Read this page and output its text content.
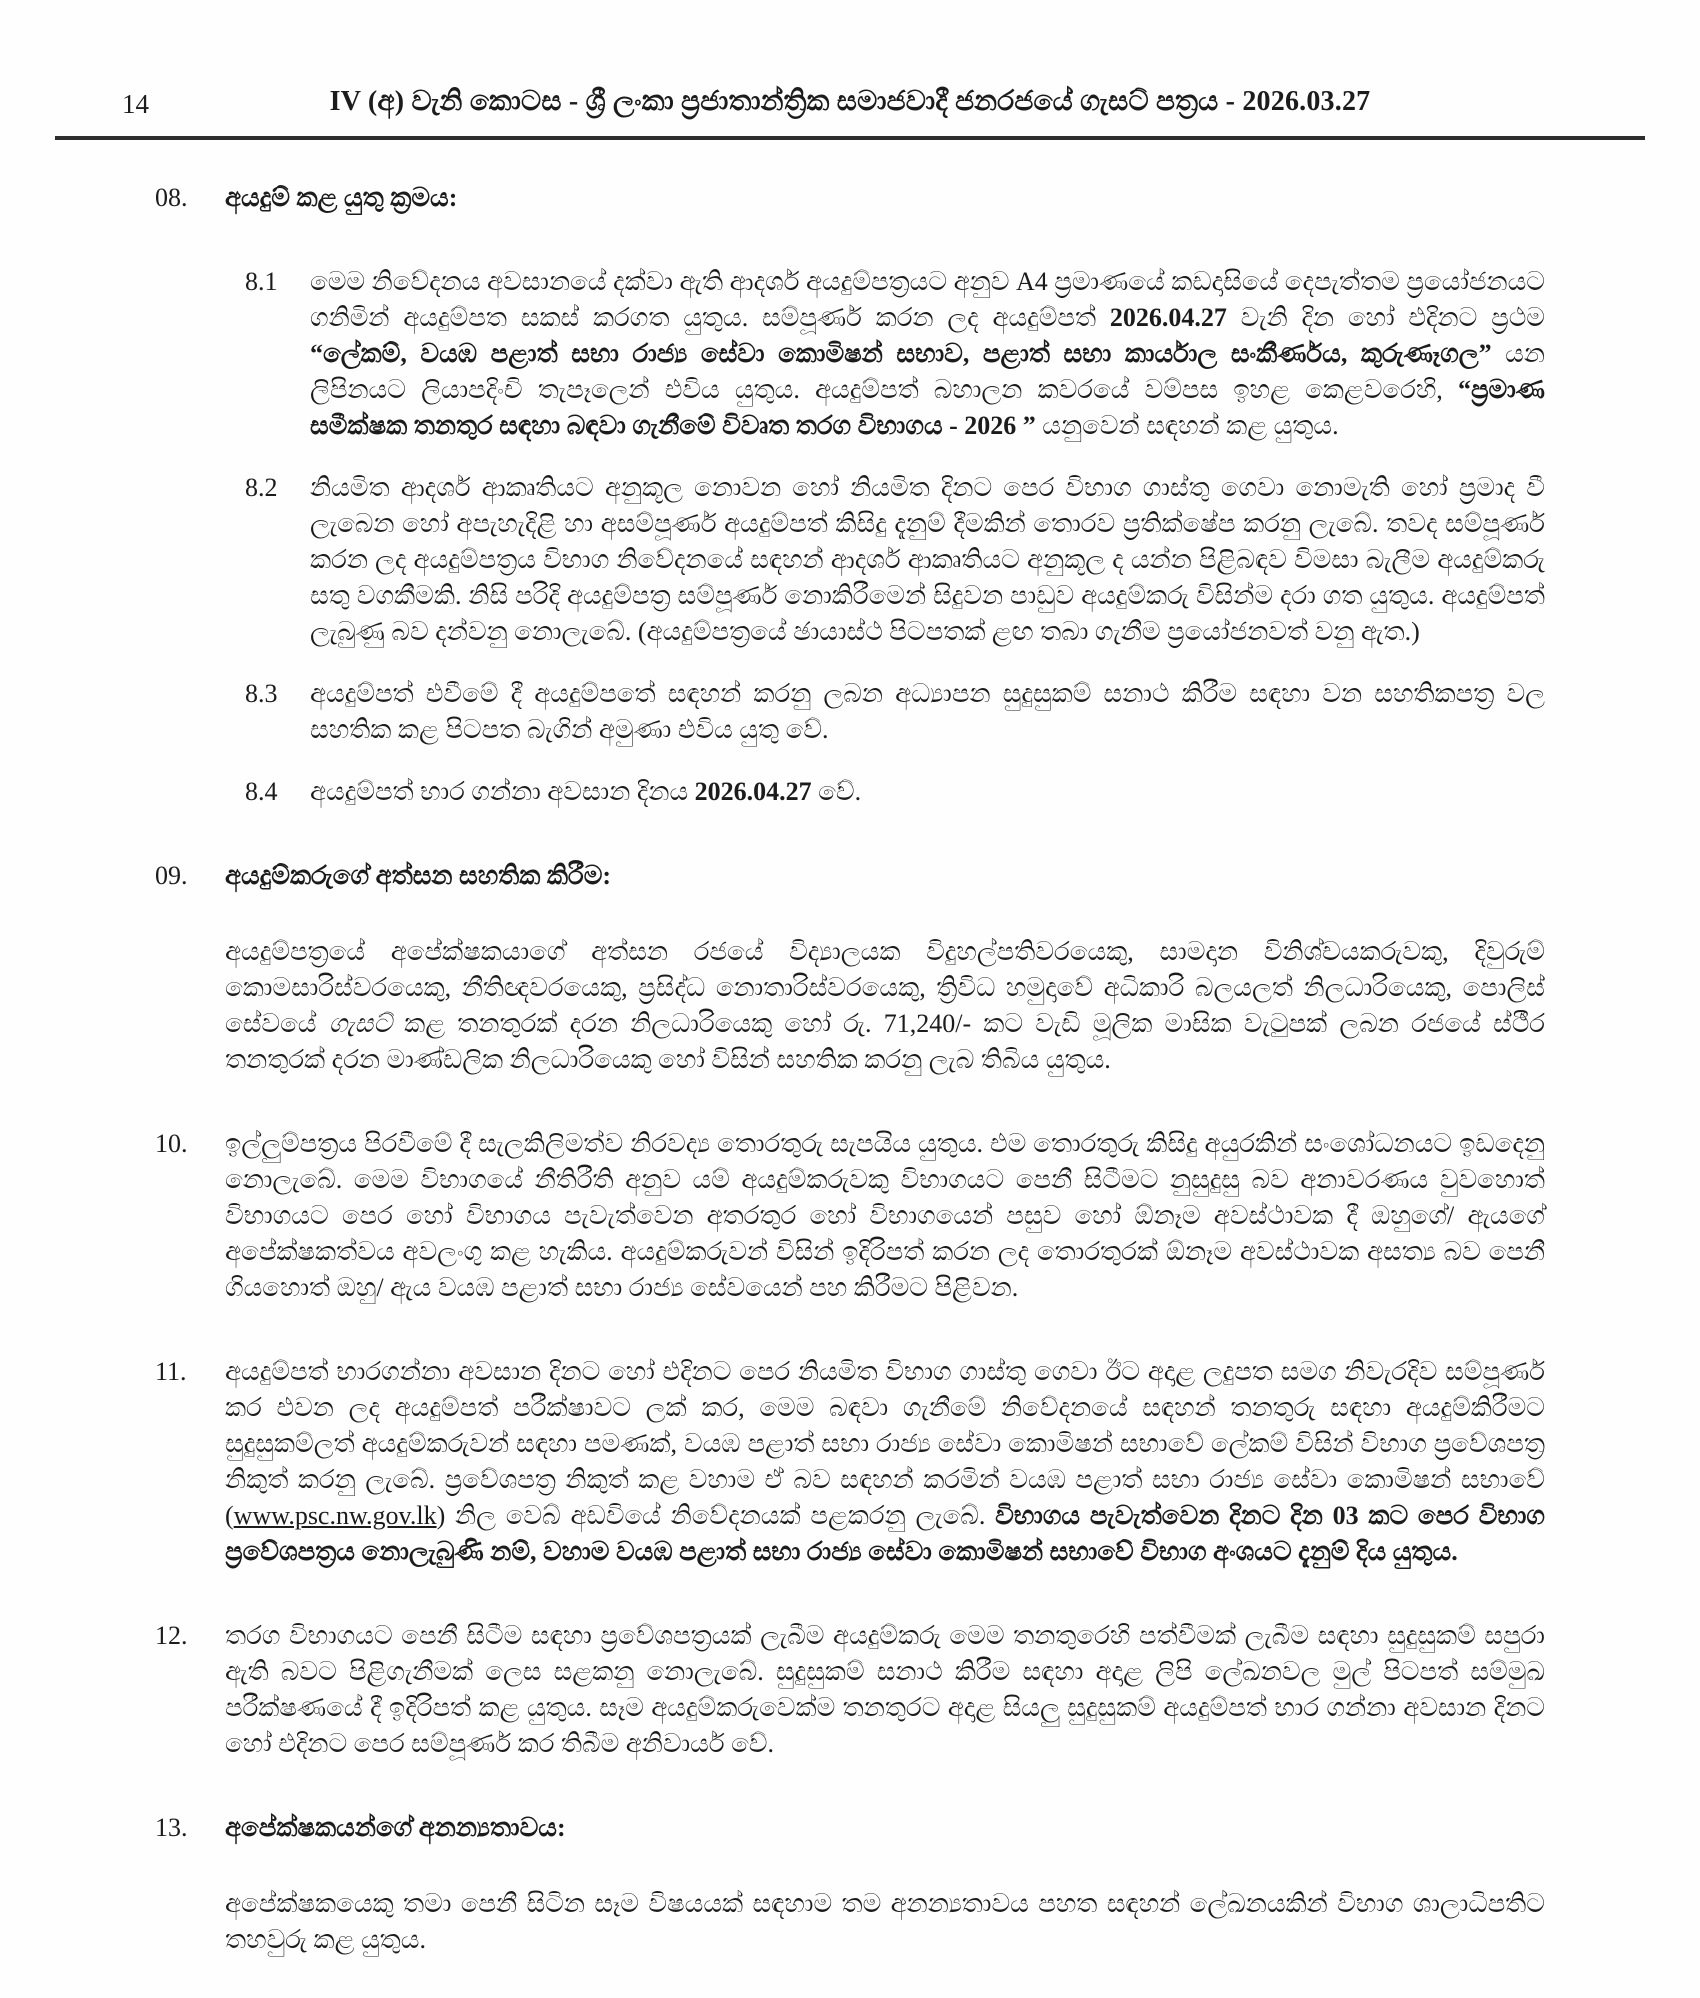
14	IV (අ) වැනි කොටස - ශ්‍රී ලංකා ප්‍රජාතාන්ත්‍රික සමාජවාදී ජනරජයේ ගැසට් පත්‍රය - 2026.03.27
08.	අයදුම් කළ යුතු ක්‍රමය:
8.1	මෙම නිවේදනය අවසානයේ දක්වා ඇති ආදර්ශ අයදුම්පත්‍රයට අනුව A4 ප්‍රමාණයේ කඩදාසියේ දෙපැත්තම ප්‍රයෝජනයට ගනිමින් අයදුම්පත සකස් කරගත යුතුය. සම්පූර්ණ කරන ලද අයදුම්පත් 2026.04.27 වැනි දින හෝ එදිනට ප්‍රථම “ලේකම්, වයඹ පළාත් සභා රාජ්‍ය සේවා කොමිෂන් සභාව, පළාත් සභා කාර්යාල සංකීර්ණය, කුරුණෑගල” යන ලිපිනයට ලියාපදිංචි තැපෑලෙන් එවිය යුතුය. අයදුම්පත් බහාලන කවරයේ වම්පස ඉහළ කෙළවරෙහි, “ප්‍රමාණ සමීක්ෂක තනතුර සඳහා බඳවා ගැනීමේ විවෘත තරග විභාගය - 2026 ” යනුවෙන් සඳහන් කළ යුතුය.

8.2	නියමිත ආදර්ශ ආකෘතියට අනුකූල නොවන හෝ නියමිත දිනට පෙර විභාග ගාස්තු ගෙවා නොමැති හෝ ප්‍රමාද වී ලැබෙන හෝ අපැහැදිළි හා අසම්පූර්ණ අයදුම්පත් කිසිදු දැනුම් දීමකින් තොරව ප්‍රතික්ෂේප කරනු ලැබේ. තවද සම්පූර්ණ කරන ලද අයදුම්පත්‍රය විභාග නිවේදනයේ සඳහන් ආදර්ශ ආකෘතියට අනුකූල ද යන්න පිළිබඳව විමසා බැලීම අයදුම්කරු සතු වගකීමකි. නිසි පරිදි අයදුම්පත්‍ර සම්පූර්ණ නොකිරීමෙන් සිදුවන පාඩුව අයදුම්කරු විසින්ම දරා ගත යුතුය. අයදුම්පත් ලැබුණු බව දන්වනු නොලැබේ. (අයදුම්පත්‍රයේ ඡායාස්ථ පිටපතක් ළඟ තබා ගැනීම ප්‍රයෝජනවත් වනු ඇත.)

8.3	අයදුම්පත් එවීමේ දී අයදුම්පතේ සඳහන් කරනු ලබන අධ්‍යාපන සුදුසුකම් සනාථ කිරීම සඳහා වන සහතිකපත්‍ර වල සහතික කළ පිටපත බැගින් අමුණා එවිය යුතු වේ.

8.4	අයදුම්පත් භාර ගන්නා අවසාන දිනය 2026.04.27 වේ.

09.	අයදුම්කරුගේ අත්සන සහතික කිරීම:

අයදුම්පත්‍රයේ අපේක්ෂකයාගේ අත්සන රජයේ විද්‍යාලයක විදුහල්පතිවරයෙකු, සාමදාන විනිශ්චයකරුවකු, දිවුරුම් කොමසාරිස්වරයෙකු, නීතිඥවරයෙකු, ප්‍රසිද්ධ නොතාරිස්වරයෙකු, ත්‍රිවිධ හමුදාවේ අධිකාරි බලයලත් නිලධාරියෙකු, පොලිස් සේවයේ ගැසට් කළ තනතුරක් දරන නිලධාරියෙකු හෝ රු. 71,240/- කට වැඩි මූලික මාසික වැටුපක් ලබන රජයේ ස්ථීර තනතුරක් දරන මාණ්ඩලික නිලධාරියෙකු හෝ විසින් සහතික කරනු ලැබ තිබිය යුතුය.

10.	ඉල්ලුම්පත්‍රය පිරවීමේ දී සැලකිලිමත්ව නිරවද්‍ය තොරතුරු සැපයිය යුතුය. එම තොරතුරු කිසිදු අයුරකින් සංශෝධනයට ඉඩදෙනු නොලැබේ. මෙම විභාගයේ නීතිරීති අනුව යම් අයදුම්කරුවකු විභාගයට පෙනී සිටීමට නුසුදුසු බව අනාවරණය වුවහොත් විභාගයට පෙර හෝ විභාගය පැවැත්වෙන අතරතුර හෝ විභාගයෙන් පසුව හෝ ඕනෑම අවස්ථාවක දී ඔහුගේ/ ඇයගේ අපේක්ෂකත්වය අවලංගු කළ හැකිය. අයදුම්කරුවන් විසින් ඉදිරිපත් කරන ලද තොරතුරක් ඕනෑම අවස්ථාවක අසත්‍ය බව පෙනී ගියහොත් ඔහු/ ඇය වයඹ පළාත් සභා රාජ්‍ය සේවයෙන් පහ කිරීමට පිළිවන.

11.	අයදුම්පත් භාරගන්නා අවසාන දිනට හෝ එදිනට පෙර නියමිත විභාග ගාස්තු ගෙවා ඊට අදාළ ලදුපත සමග නිවැරදිව සම්පූර්ණ කර එවන ලද අයදුම්පත් පරීක්ෂාවට ලක් කර, මෙම බඳවා ගැනීමේ නිවේදනයේ සඳහන් තනතුරු සඳහා අයදුම්කිරීමට සුදුසුකම්ලත් අයදුම්කරුවන් සඳහා පමණක්, වයඹ පළාත් සභා රාජ්‍ය සේවා කොමිෂන් සභාවේ ලේකම් විසින් විභාග ප්‍රවේශපත්‍ර නිකුත් කරනු ලැබේ. ප්‍රවේශපත්‍ර නිකුත් කළ වහාම ඒ බව සඳහන් කරමින් වයඹ පළාත් සභා රාජ්‍ය සේවා කොමිෂන් සභාවේ (www.psc.nw.gov.lk) නිල වෙබ් අඩවියේ නිවේදනයක් පළකරනු ලැබේ. විභාගය පැවැත්වෙන දිනට දින 03 කට පෙර විභාග ප්‍රවේශපත්‍රය නොලැබුණි නම්, වහාම වයඹ පළාත් සභා රාජ්‍ය සේවා කොමිෂන් සභාවේ විභාග අංශයට දැනුම් දිය යුතුය.

12.	තරග විභාගයට පෙනී සිටීම සඳහා ප්‍රවේශපත්‍රයක් ලැබීම අයදුම්කරු මෙම තනතුරෙහි පත්වීමක් ලැබීම සඳහා සුදුසුකම් සපුරා ඇති බවට පිළිගැනීමක් ලෙස සළකනු නොලැබේ. සුදුසුකම් සනාථ කිරීම සඳහා අදාළ ලිපි ලේඛනවල මුල් පිටපත් සම්මුඛ පරීක්ෂණයේ දී ඉදිරිපත් කළ යුතුය. සෑම අයදුම්කරුවෙක්ම තනතුරට අදාළ සියලු සුදුසුකම් අයදුම්පත් භාර ගන්නා අවසාන දිනට හෝ එදිනට පෙර සම්පූර්ණ කර තිබීම අනිවාර්ය වේ.

13.	අපේක්ෂකයන්ගේ අනන්‍යතාවය:

අපේක්ෂකයෙකු තමා පෙනී සිටින සෑම විෂයයක් සඳහාම තම අනන්‍යතාවය පහත සඳහන් ලේඛනයකින් විභාග ශාලාධිපතිට තහවුරු කළ යුතුය.
